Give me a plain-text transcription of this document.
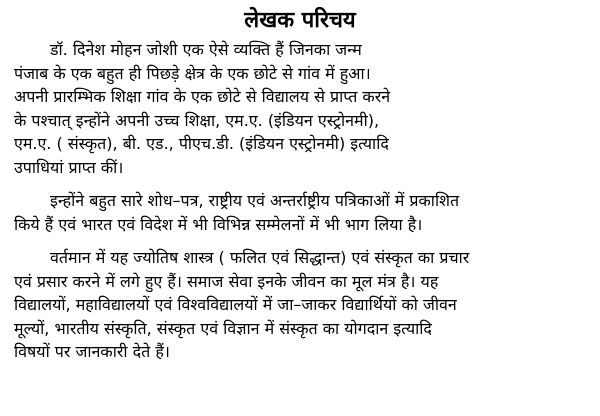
लेखक परिचय
डॉ. दिनेश मोहन जोशी एक ऐसे व्यक्ति हैं जिनका जन्म
पंजाब के एक बहुत ही पिछड़े क्षेत्र के एक छोटे से गांव में हुआ।
अपनी प्रारम्भिक शिक्षा गांव के एक छोटे से विद्यालय से प्राप्त करने
के पश्चात् इन्होंने अपनी उच्च शिक्षा, एम.ए. (इंडियन एस्ट्रोनमी),
एम.ए. ( संस्कृत), बी. एड., पीएच.डी. (इंडियन एस्ट्रोनमी) इत्यादि
उपाधियां प्राप्त कीं।
इन्होंने बहुत सारे शोध–पत्र, राष्ट्रीय एवं अन्तर्राष्ट्रीय पत्रिकाओं में प्रकाशित
किये हैं एवं भारत एवं विदेश में भी विभिन्न सम्मेलनों में भी भाग लिया है।
वर्तमान में यह ज्योतिष शास्त्र ( फलित एवं सिद्धान्त) एवं संस्कृत का प्रचार
एवं प्रसार करने में लगे हुए हैं। समाज सेवा इनके जीवन का मूल मंत्र है। यह
विद्यालयों, महाविद्यालयों एवं विश्वविद्यालयों में जा–जाकर विद्यार्थियों को जीवन
मूल्यों, भारतीय संस्कृति, संस्कृत एवं विज्ञान में संस्कृत का योगदान इत्यादि
विषयों पर जानकारी देते हैं।
